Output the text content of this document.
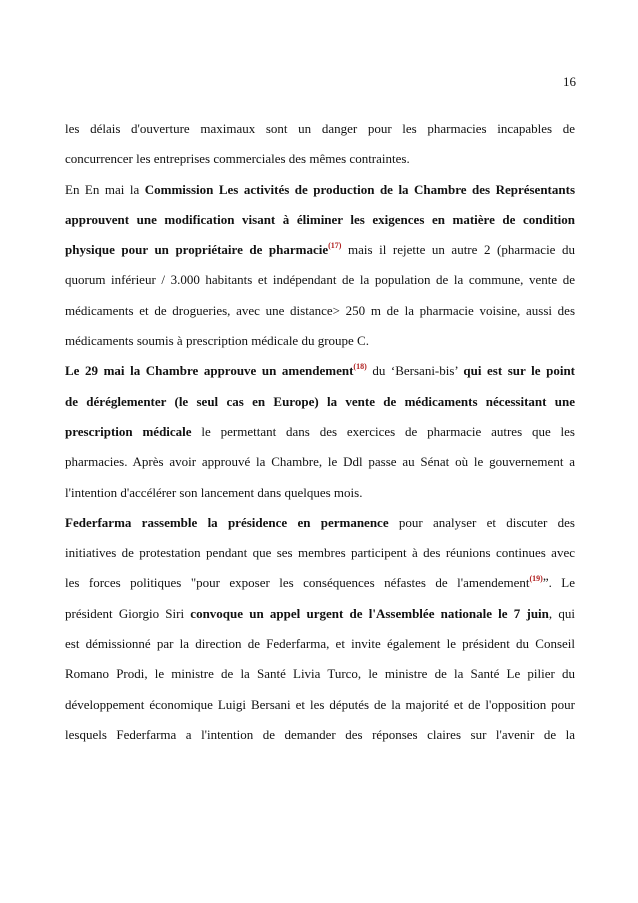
16
les délais d'ouverture maximaux sont un danger pour les pharmacies incapables de
concurrencer les entreprises commerciales des mêmes contraintes.
En En mai la Commission Les activités de production de la Chambre des Représentants
approuvent une modification visant à éliminer les exigences en matière de condition
physique pour un propriétaire de pharmacie$^{(17)}$ mais il rejette un autre 2 (pharmacie du
quorum inférieur / 3.000 habitants et indépendant de la population de la commune, vente de
médicaments et de drogueries, avec une distance> 250 m de la pharmacie voisine, aussi des
médicaments soumis à prescription médicale du groupe C.
Le 29 mai la Chambre approuve un amendement$^{(18)}$ du ‘Bersani-bis’ qui est sur le point
de déréglementer (le seul cas en Europe) la vente de médicaments nécessitant une
prescription médicale le permettant dans des exercices de pharmacie autres que les
pharmacies. Après avoir approuvé la Chambre, le Ddl passe au Sénat où le gouvernement a
l'intention d'accélérer son lancement dans quelques mois.
Federfarma rassemble la présidence en permanence pour analyser et discuter des
initiatives de protestation pendant que ses membres participent à des réunions continues avec
les forces politiques "pour exposer les conséquences néfastes de l'amendement$^{(19)}$”. Le
président Giorgio Siri convoque un appel urgent de l'Assemblée nationale le 7 juin, qui
est démissionné par la direction de Federfarma, et invite également le président du Conseil
Romano Prodi, le ministre de la Santé Livia Turco, le ministre de la Santé Le pilier du
développement économique Luigi Bersani et les députés de la majorité et de l'opposition pour
lesquels Federfarma a l'intention de demander des réponses claires sur l'avenir de la
